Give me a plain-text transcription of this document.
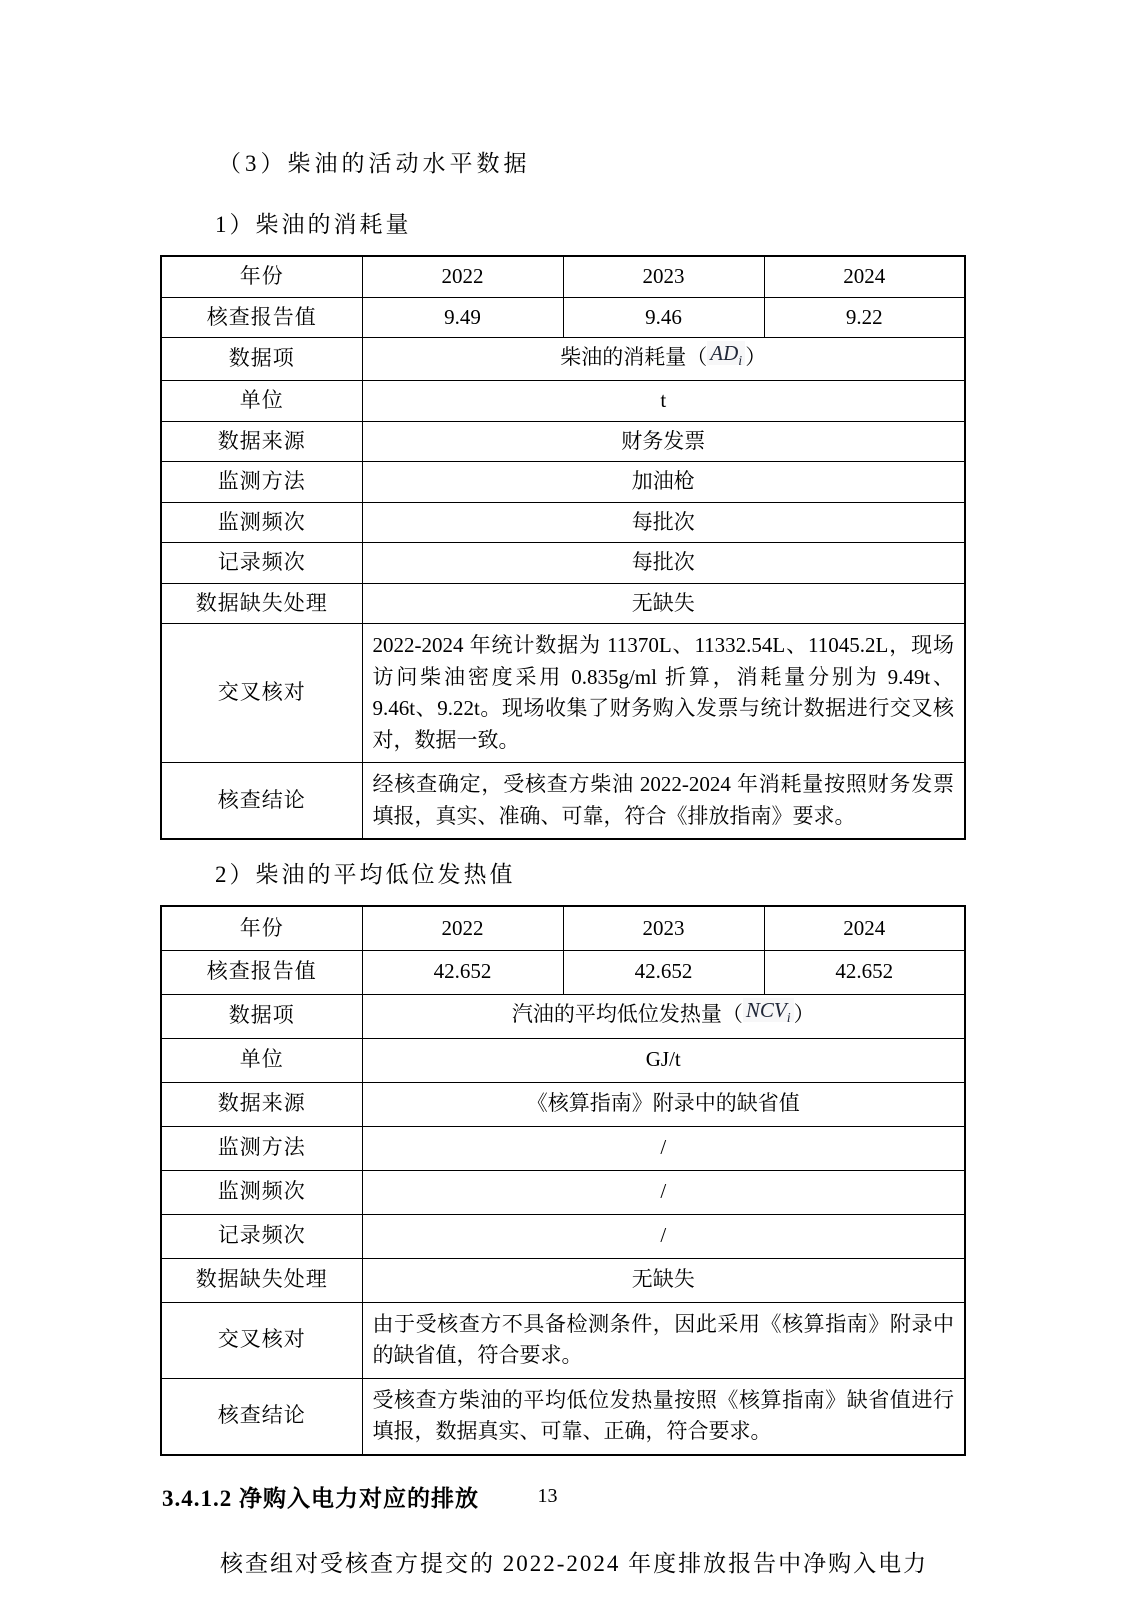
（3）柴油的活动水平数据
1）柴油的消耗量
年份	2022	2023	2024
核查报告值	9.49	9.46	9.22
数据项	柴油的消耗量（ $AD_i$ ）		
单位	t		
数据来源	财务发票		
监测方法	加油枪		
监测频次	每批次		
记录频次	每批次		
数据缺失处理	无缺失		
交叉核对	2022-2024 年统计数据为 11370L、11332.54L、11045.2L，现场访问柴油密度采用 0.835g/ml 折算，消耗量分别为 9.49t、9.46t、9.22t。现场收集了财务购入发票与统计数据进行交叉核对，数据一致。		
核查结论	经核查确定，受核查方柴油 2022-2024 年消耗量按照财务发票填报，真实、准确、可靠，符合《排放指南》要求。		
2）柴油的平均低位发热值
年份	2022	2023	2024
核查报告值	42.652	42.652	42.652
数据项	汽油的平均低位发热量（ $NCV_i$ ）		
单位	GJ/t		
数据来源	《核算指南》附录中的缺省值		
监测方法	/		
监测频次	/		
记录频次	/		
数据缺失处理	无缺失		
交叉核对	由于受核查方不具备检测条件，因此采用《核算指南》附录中的缺省值，符合要求。		
核查结论	受核查方柴油的平均低位发热量按照《核算指南》缺省值进行填报，数据真实、可靠、正确，符合要求。		
3.4.1.2 净购入电力对应的排放
核查组对受核查方提交的 2022-2024 年度排放报告中净购入电力
13
